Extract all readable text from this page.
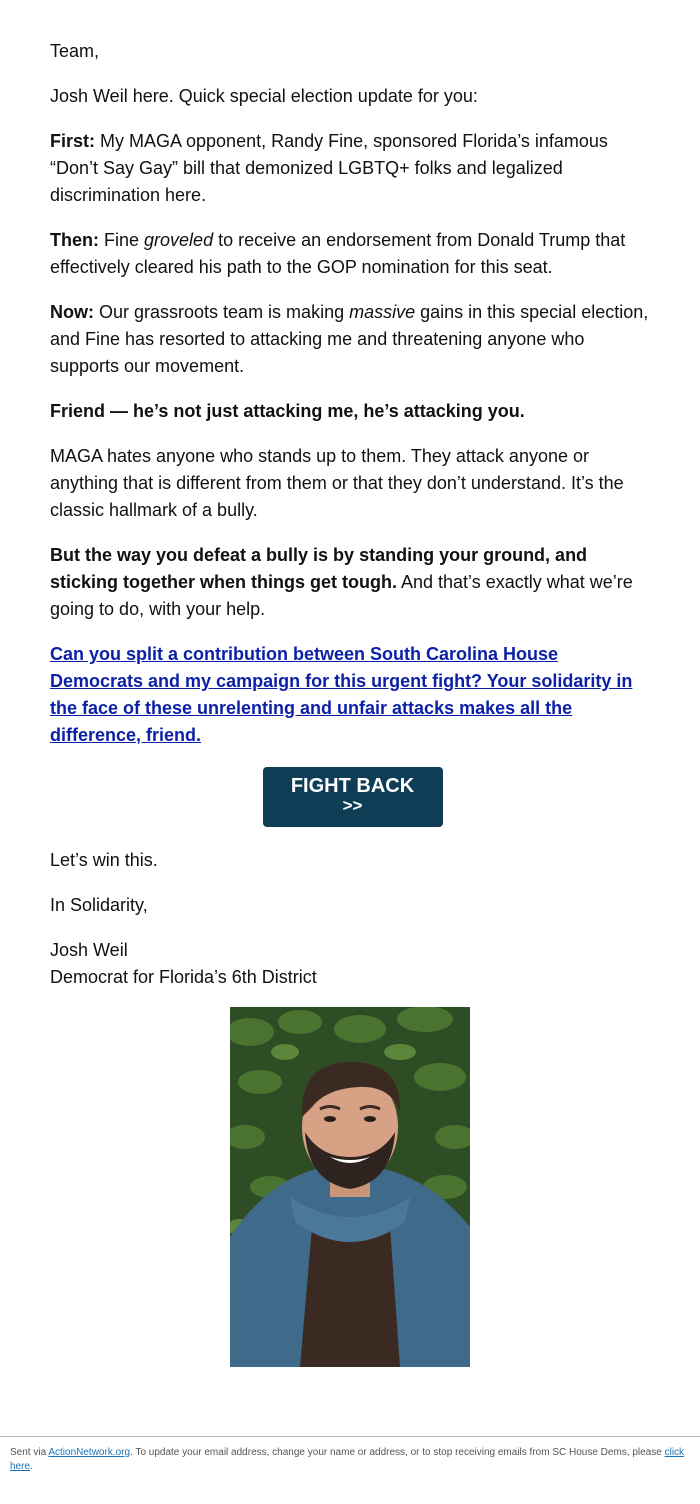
Team,

Josh Weil here. Quick special election update for you:

First: My MAGA opponent, Randy Fine, sponsored Florida’s infamous “Don’t Say Gay” bill that demonized LGBTQ+ folks and legalized discrimination here.

Then: Fine groveled to receive an endorsement from Donald Trump that effectively cleared his path to the GOP nomination for this seat.

Now: Our grassroots team is making massive gains in this special election, and Fine has resorted to attacking me and threatening anyone who supports our movement.

Friend — he’s not just attacking me, he’s attacking you.

MAGA hates anyone who stands up to them. They attack anyone or anything that is different from them or that they don’t understand. It’s the classic hallmark of a bully.

But the way you defeat a bully is by standing your ground, and sticking together when things get tough. And that’s exactly what we’re going to do, with your help.

Can you split a contribution between South Carolina House Democrats and my campaign for this urgent fight? Your solidarity in the face of these unrelenting and unfair attacks makes all the difference, friend.

FIGHT BACK
>>

Let’s win this.

In Solidarity,

Josh Weil
Democrat for Florida’s 6th District

Sent via ActionNetwork.org. To update your email address, change your name or address, or to stop receiving emails from SC House Dems, please click here.
